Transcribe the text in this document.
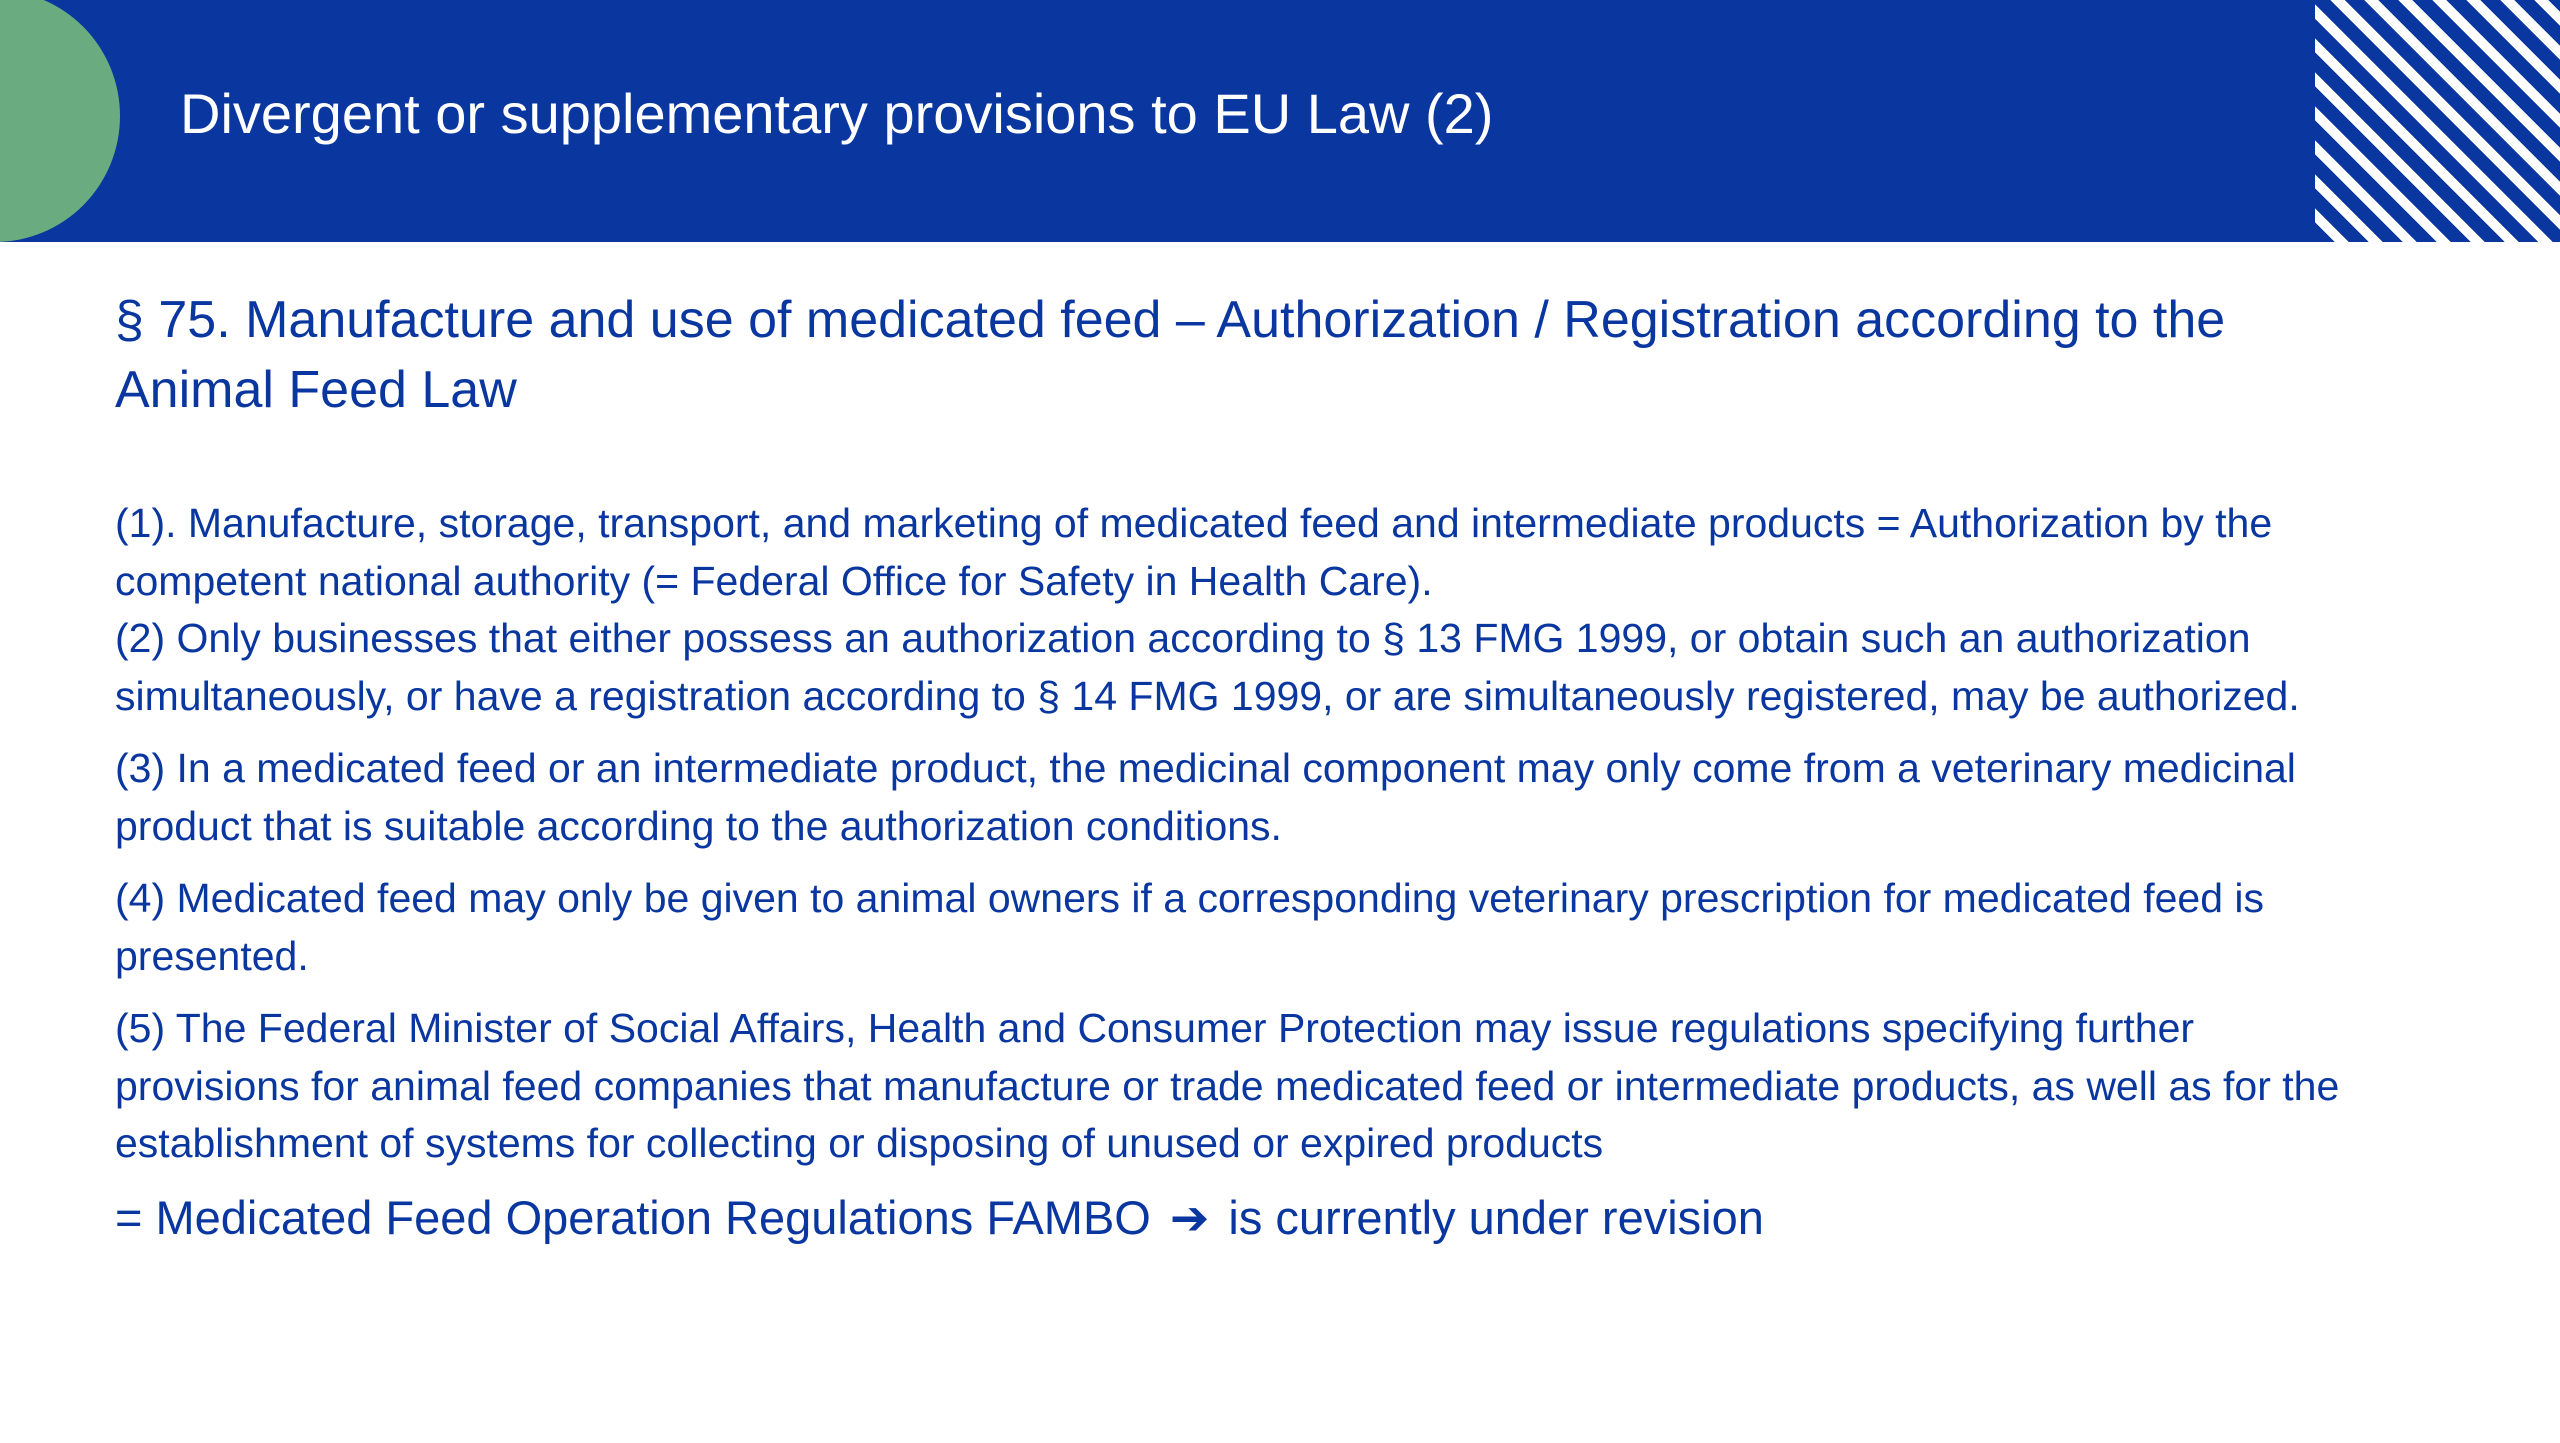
Divergent or supplementary provisions to EU Law (2)

§ 75. Manufacture and use of medicated feed – Authorization / Registration according to the Animal Feed Law

(1). Manufacture, storage, transport, and marketing of medicated feed and intermediate products = Authorization by the competent national authority (= Federal Office for Safety in Health Care).

(2) Only businesses that either possess an authorization according to § 13 FMG 1999, or obtain such an authorization simultaneously, or have a registration according to § 14 FMG 1999, or are simultaneously registered, may be authorized.

(3) In a medicated feed or an intermediate product, the medicinal component may only come from a veterinary medicinal product that is suitable according to the authorization conditions.

(4) Medicated feed may only be given to animal owners if a corresponding veterinary prescription for medicated feed is presented.

(5) The Federal Minister of Social Affairs, Health and Consumer Protection may issue regulations specifying further provisions for animal feed companies that manufacture or trade medicated feed or intermediate products, as well as for the establishment of systems for collecting or disposing of unused or expired products

= Medicated Feed Operation Regulations FAMBO ➔ is currently under revision
